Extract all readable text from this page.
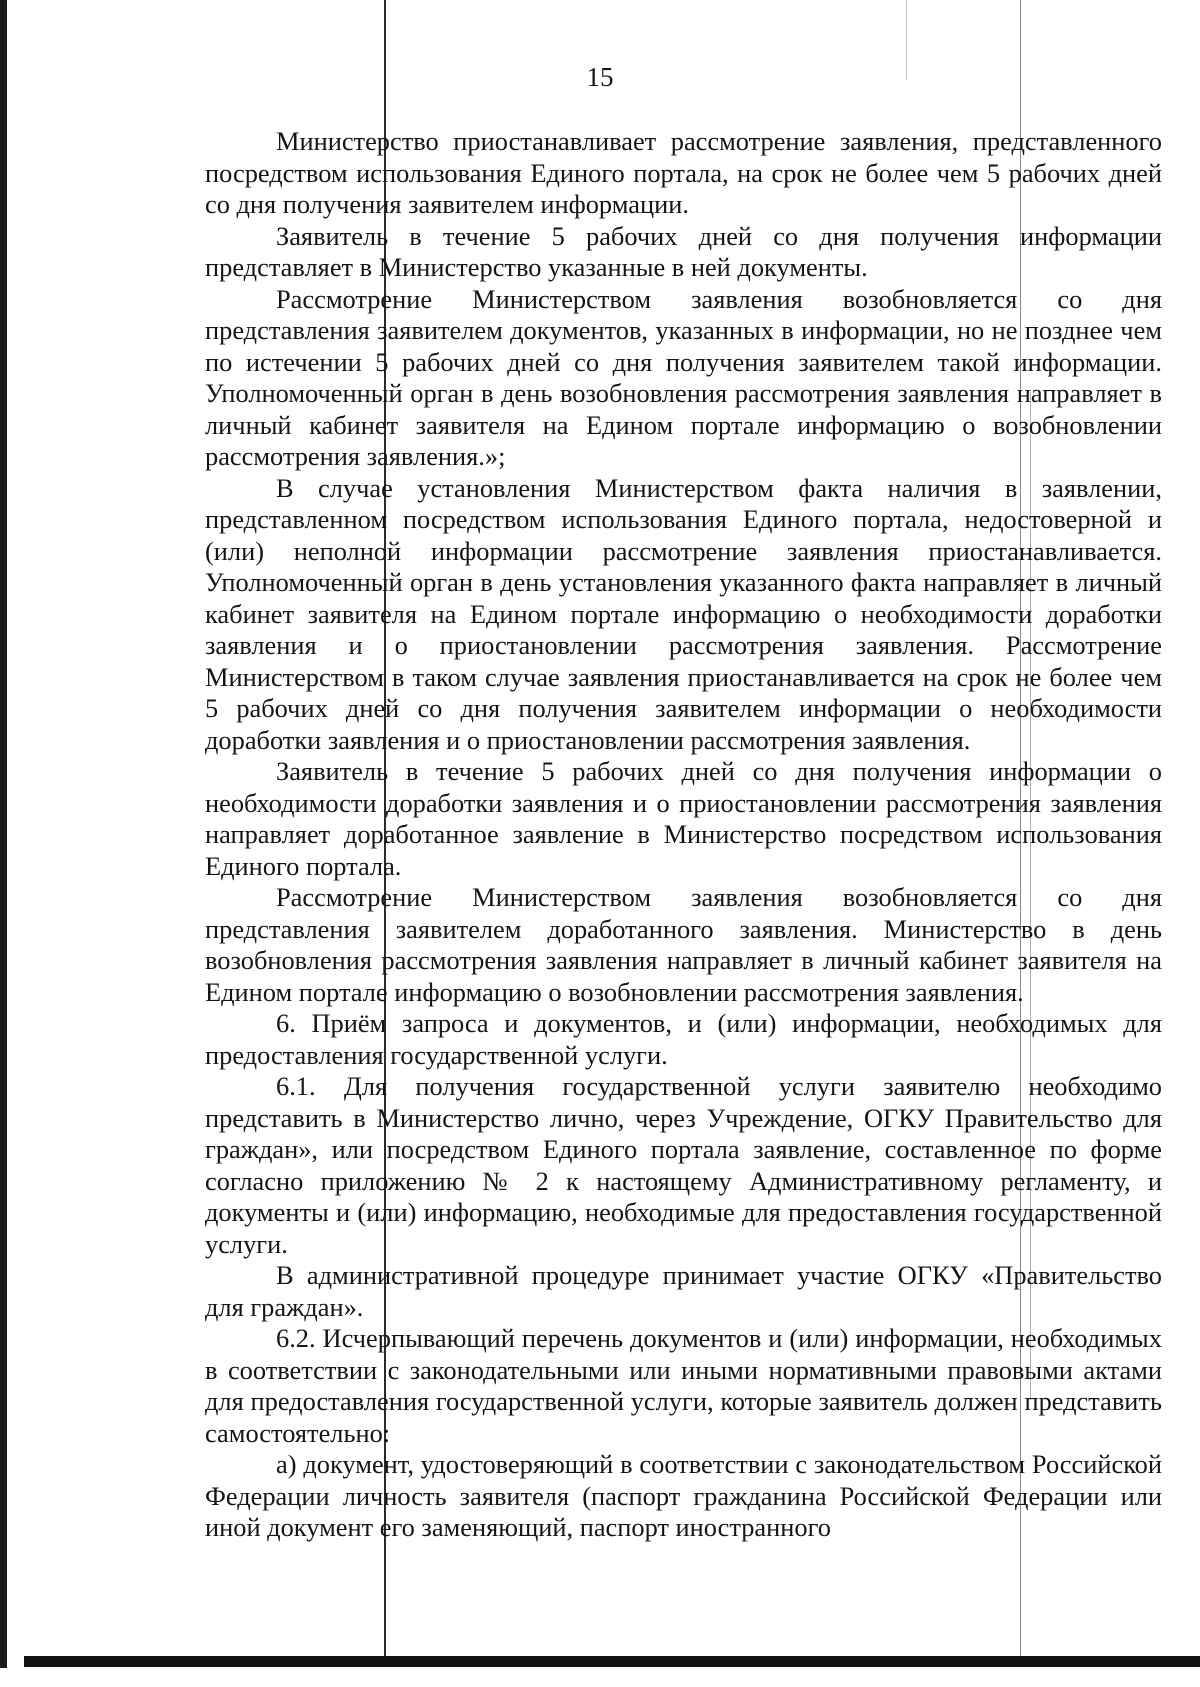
15

Министерство приостанавливает рассмотрение заявления, представленного посредством использования Единого портала, на срок не более чем 5 рабочих дней со дня получения заявителем информации.

Заявитель в течение 5 рабочих дней со дня получения информации представляет в Министерство указанные в ней документы.

Рассмотрение Министерством заявления возобновляется со дня представления заявителем документов, указанных в информации, но не позднее чем по истечении 5 рабочих дней со дня получения заявителем такой информации. Уполномоченный орган в день возобновления рассмотрения заявления направляет в личный кабинет заявителя на Едином портале информацию о возобновлении рассмотрения заявления.»;

В случае установления Министерством факта наличия в заявлении, представленном посредством использования Единого портала, недостоверной и (или) неполной информации рассмотрение заявления приостанавливается. Уполномоченный орган в день установления указанного факта направляет в личный кабинет заявителя на Едином портале информацию о необходимости доработки заявления и о приостановлении рассмотрения заявления. Рассмотрение Министерством в таком случае заявления приостанавливается на срок не более чем 5 рабочих дней со дня получения заявителем информации о необходимости доработки заявления и о приостановлении рассмотрения заявления.

Заявитель в течение 5 рабочих дней со дня получения информации о необходимости доработки заявления и о приостановлении рассмотрения заявления направляет доработанное заявление в Министерство посредством использования Единого портала.

Рассмотрение Министерством заявления возобновляется со дня представления заявителем доработанного заявления. Министерство в день возобновления рассмотрения заявления направляет в личный кабинет заявителя на Едином портале информацию о возобновлении рассмотрения заявления.

6. Приём запроса и документов, и (или) информации, необходимых для предоставления государственной услуги.

6.1. Для получения государственной услуги заявителю необходимо представить в Министерство лично, через Учреждение, ОГКУ Правительство для граждан», или посредством Единого портала заявление, составленное по форме согласно приложению № 2 к настоящему Административному регламенту, и документы и (или) информацию, необходимые для предоставления государственной услуги.

В административной процедуре принимает участие ОГКУ «Правительство для граждан».

6.2. Исчерпывающий перечень документов и (или) информации, необходимых в соответствии с законодательными или иными нормативными правовыми актами для предоставления государственной услуги, которые заявитель должен представить самостоятельно:

а) документ, удостоверяющий в соответствии с законодательством Российской Федерации личность заявителя (паспорт гражданина Российской Федерации или иной документ его заменяющий, паспорт иностранного
